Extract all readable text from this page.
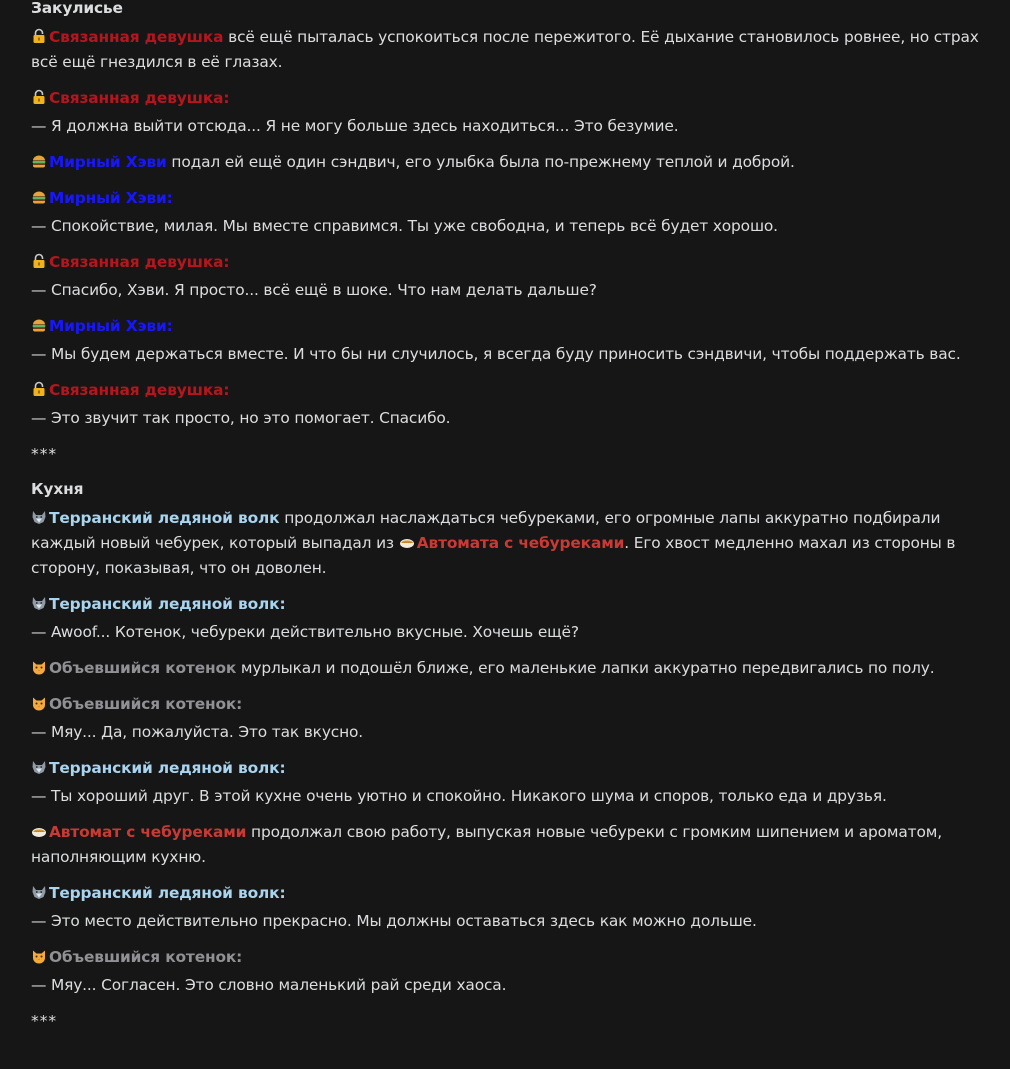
Закулисье

Связанная девушка всё ещё пыталась успокоиться после пережитого. Её дыхание становилось ровнее, но страх всё ещё гнездился в её глазах.

Связанная девушка:

— Я должна выйти отсюда... Я не могу больше здесь находиться... Это безумие.

Мирный Хэви подал ей ещё один сэндвич, его улыбка была по-прежнему теплой и доброй.

Мирный Хэви:

— Спокойствие, милая. Мы вместе справимся. Ты уже свободна, и теперь всё будет хорошо.

Связанная девушка:

— Спасибо, Хэви. Я просто... всё ещё в шоке. Что нам делать дальше?

Мирный Хэви:

— Мы будем держаться вместе. И что бы ни случилось, я всегда буду приносить сэндвичи, чтобы поддержать вас.

Связанная девушка:

— Это звучит так просто, но это помогает. Спасибо.

***
Кухня

Терранский ледяной волк продолжал наслаждаться чебуреками, его огромные лапы аккуратно подбирали каждый новый чебурек, который выпадал из Автомата с чебуреками. Его хвост медленно махал из стороны в сторону, показывая, что он доволен.

Терранский ледяной волк:

— Awoof... Котенок, чебуреки действительно вкусные. Хочешь ещё?

Объевшийся котенок мурлыкал и подошёл ближе, его маленькие лапки аккуратно передвигались по полу.

Объевшийся котенок:

— Мяу... Да, пожалуйста. Это так вкусно.

Терранский ледяной волк:

— Ты хороший друг. В этой кухне очень уютно и спокойно. Никакого шума и споров, только еда и друзья.

Автомат с чебуреками продолжал свою работу, выпуская новые чебуреки с громким шипением и ароматом, наполняющим кухню.

Терранский ледяной волк:

— Это место действительно прекрасно. Мы должны оставаться здесь как можно дольше.

Объевшийся котенок:

— Мяу... Согласен. Это словно маленький рай среди хаоса.

***
